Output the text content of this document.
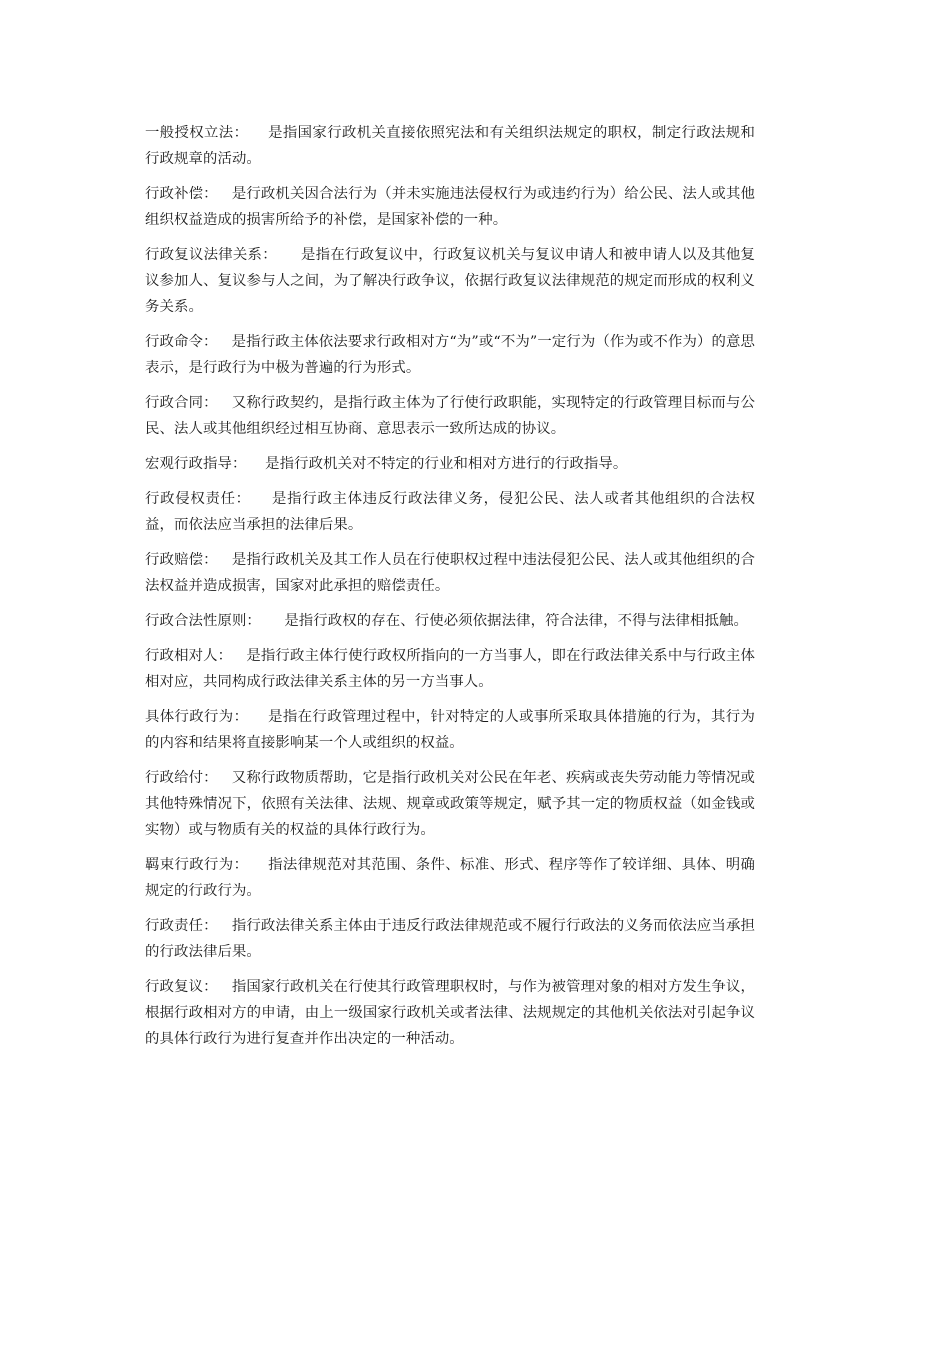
一般授权立法： 是指国家行政机关直接依照宪法和有关组织法规定的职权，制定行政法规和行政规章的活动。

行政补偿： 是行政机关因合法行为（并未实施违法侵权行为或违约行为）给公民、法人或其他组织权益造成的损害所给予的补偿，是国家补偿的一种。

行政复议法律关系： 是指在行政复议中，行政复议机关与复议申请人和被申请人以及其他复议参加人、复议参与人之间，为了解决行政争议，依据行政复议法律规范的规定而形成的权利义务关系。

行政命令： 是指行政主体依法要求行政相对方“为”或“不为”一定行为（作为或不作为）的意思表示，是行政行为中极为普遍的行为形式。

行政合同： 又称行政契约，是指行政主体为了行使行政职能，实现特定的行政管理目标而与公民、法人或其他组织经过相互协商、意思表示一致所达成的协议。

宏观行政指导： 是指行政机关对不特定的行业和相对方进行的行政指导。

行政侵权责任： 是指行政主体违反行政法律义务，侵犯公民、法人或者其他组织的合法权益，而依法应当承担的法律后果。

行政赔偿： 是指行政机关及其工作人员在行使职权过程中违法侵犯公民、法人或其他组织的合法权益并造成损害，国家对此承担的赔偿责任。

行政合法性原则： 是指行政权的存在、行使必须依据法律，符合法律，不得与法律相抵触。

行政相对人： 是指行政主体行使行政权所指向的一方当事人，即在行政法律关系中与行政主体相对应，共同构成行政法律关系主体的另一方当事人。

具体行政行为： 是指在行政管理过程中，针对特定的人或事所采取具体措施的行为，其行为的内容和结果将直接影响某一个人或组织的权益。

行政给付： 又称行政物质帮助，它是指行政机关对公民在年老、疾病或丧失劳动能力等情况或其他特殊情况下，依照有关法律、法规、规章或政策等规定，赋予其一定的物质权益（如金钱或实物）或与物质有关的权益的具体行政行为。

羁束行政行为： 指法律规范对其范围、条件、标准、形式、程序等作了较详细、具体、明确规定的行政行为。

行政责任： 指行政法律关系主体由于违反行政法律规范或不履行行政法的义务而依法应当承担的行政法律后果。

行政复议： 指国家行政机关在行使其行政管理职权时，与作为被管理对象的相对方发生争议，根据行政相对方的申请，由上一级国家行政机关或者法律、法规规定的其他机关依法对引起争议的具体行政行为进行复查并作出决定的一种活动。
